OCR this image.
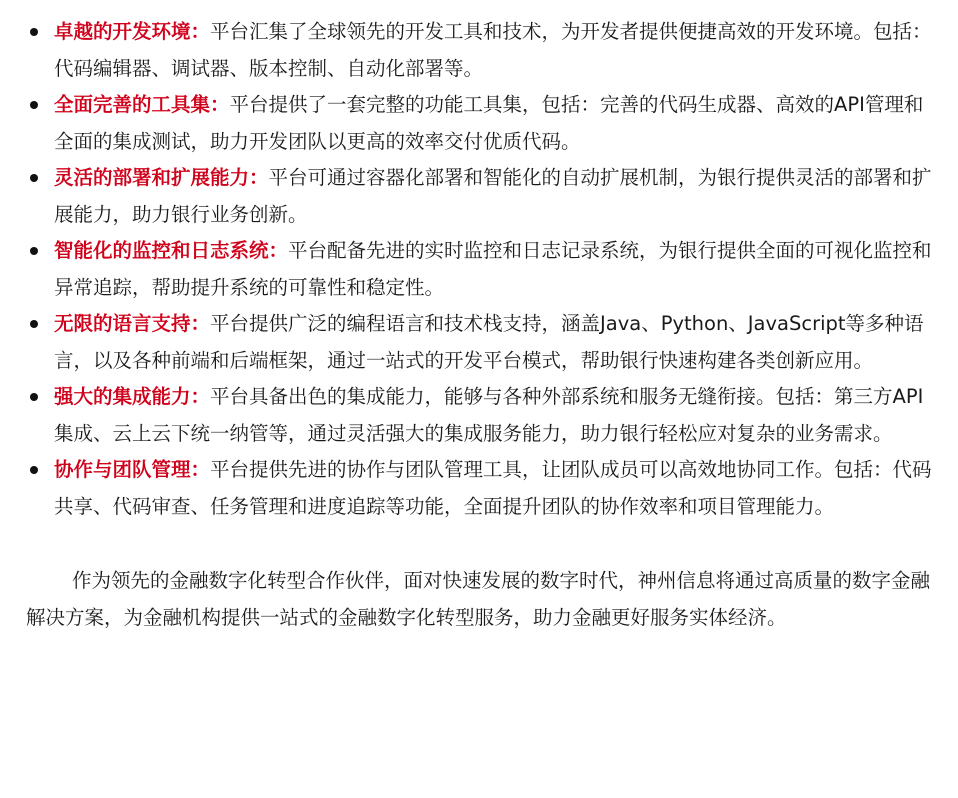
卓越的开发环境：平台汇集了全球领先的开发工具和技术，为开发者提供便捷高效的开发环境。包括：代码编辑器、调试器、版本控制、自动化部署等。
全面完善的工具集：平台提供了一套完整的功能工具集，包括：完善的代码生成器、高效的API管理和全面的集成测试，助力开发团队以更高的效率交付优质代码。
灵活的部署和扩展能力：平台可通过容器化部署和智能化的自动扩展机制，为银行提供灵活的部署和扩展能力，助力银行业务创新。
智能化的监控和日志系统：平台配备先进的实时监控和日志记录系统，为银行提供全面的可视化监控和异常追踪，帮助提升系统的可靠性和稳定性。
无限的语言支持：平台提供广泛的编程语言和技术栈支持，涵盖Java、Python、JavaScript等多种语言，以及各种前端和后端框架，通过一站式的开发平台模式，帮助银行快速构建各类创新应用。
强大的集成能力：平台具备出色的集成能力，能够与各种外部系统和服务无缝衔接。包括：第三方API集成、云上云下统一纳管等，通过灵活强大的集成服务能力，助力银行轻松应对复杂的业务需求。
协作与团队管理：平台提供先进的协作与团队管理工具，让团队成员可以高效地协同工作。包括：代码共享、代码审查、任务管理和进度追踪等功能，全面提升团队的协作效率和项目管理能力。

作为领先的金融数字化转型合作伙伴，面对快速发展的数字时代，神州信息将通过高质量的数字金融解决方案，为金融机构提供一站式的金融数字化转型服务，助力金融更好服务实体经济。
